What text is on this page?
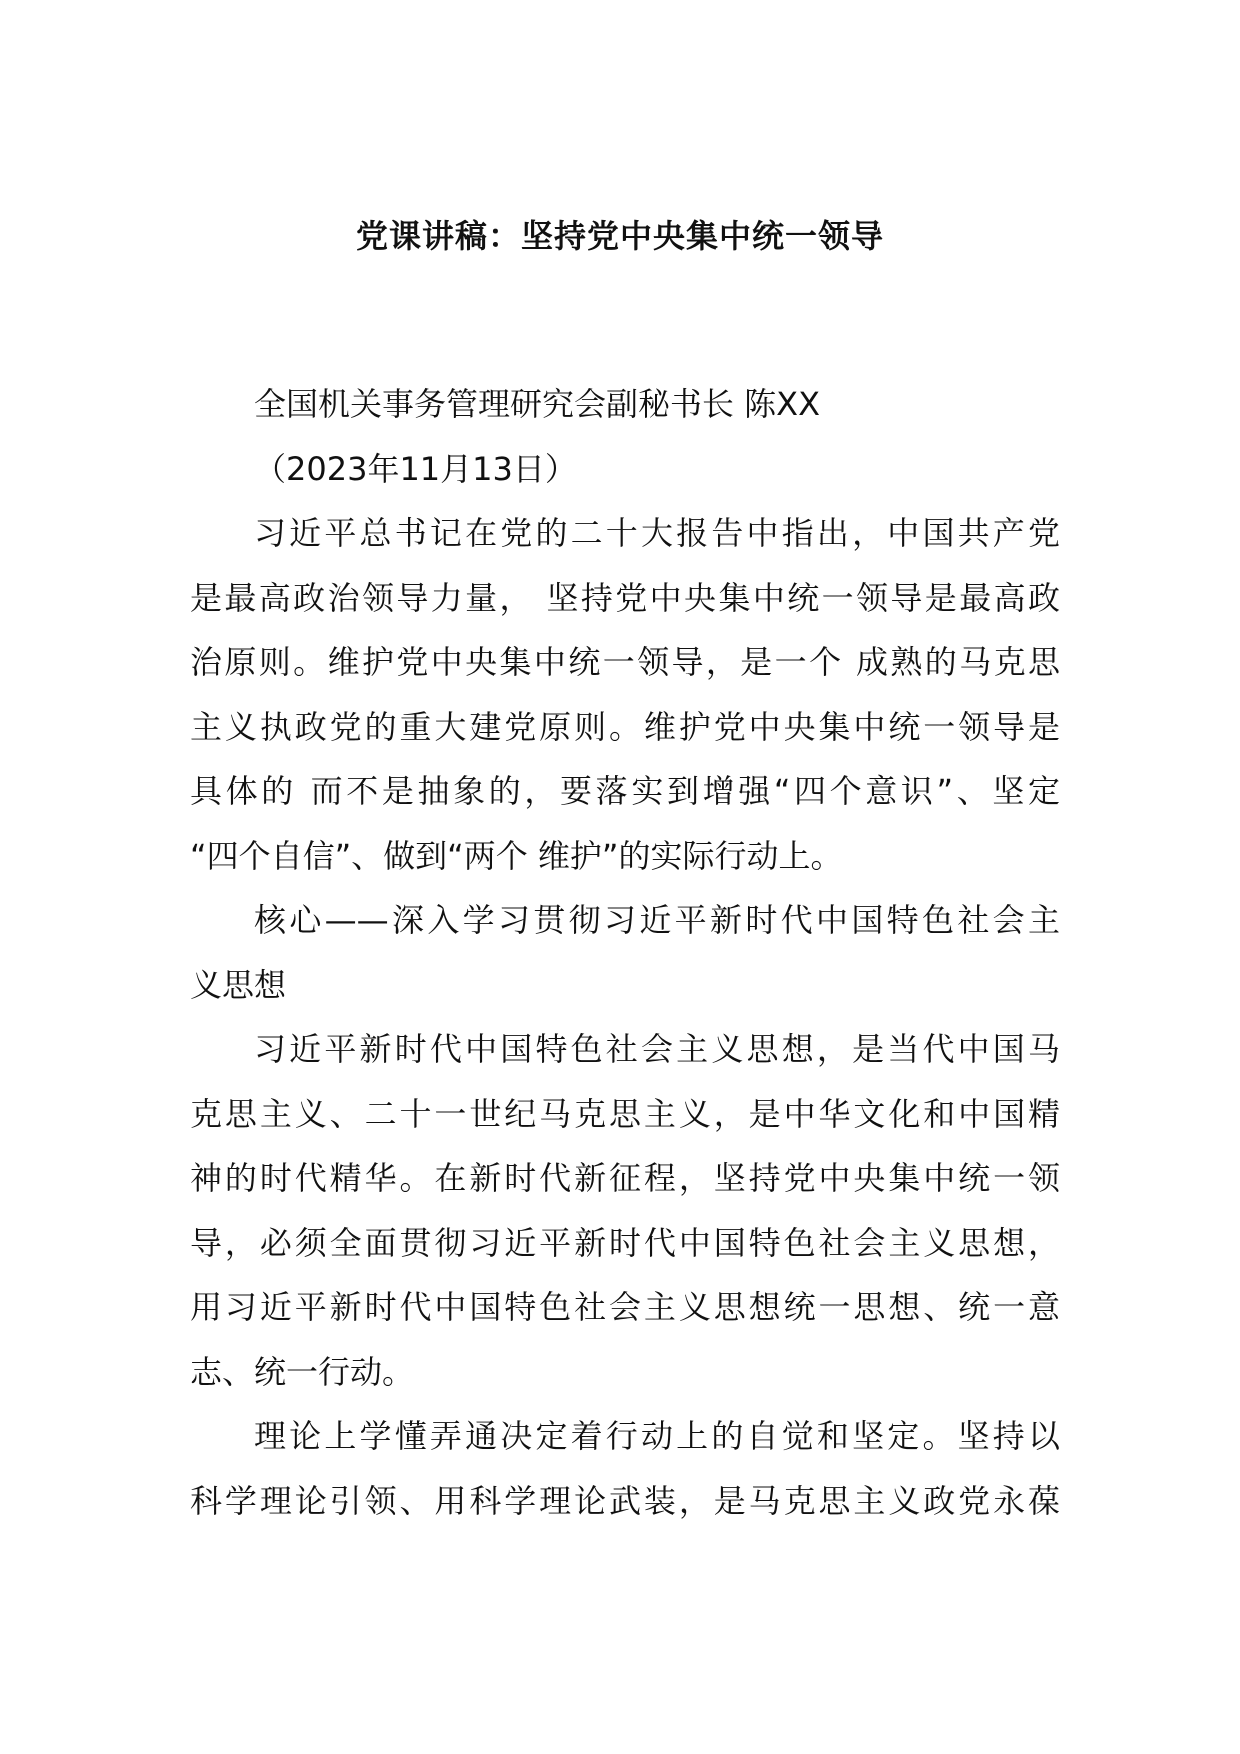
党课讲稿：坚持党中央集中统一领导
全国机关事务管理研究会副秘书长 陈XX
（2023年11月13日）
习近平总书记在党的二十大报告中指出，中国共产党
是最高政治领导力量， 坚持党中央集中统一领导是最高政
治原则。维护党中央集中统一领导，是一个 成熟的马克思
主义执政党的重大建党原则。维护党中央集中统一领导是
具体的 而不是抽象的，要落实到增强“四个意识”、坚定
“四个自信”、做到“两个 维护”的实际行动上。
核心——深入学习贯彻习近平新时代中国特色社会主
义思想
习近平新时代中国特色社会主义思想，是当代中国马
克思主义、二十一世纪马克思主义，是中华文化和中国精
神的时代精华。在新时代新征程，坚持党中央集中统一领
导，必须全面贯彻习近平新时代中国特色社会主义思想，
用习近平新时代中国特色社会主义思想统一思想、统一意
志、统一行动。
理论上学懂弄通决定着行动上的自觉和坚定。坚持以
科学理论引领、用科学理论武装，是马克思主义政党永葆
